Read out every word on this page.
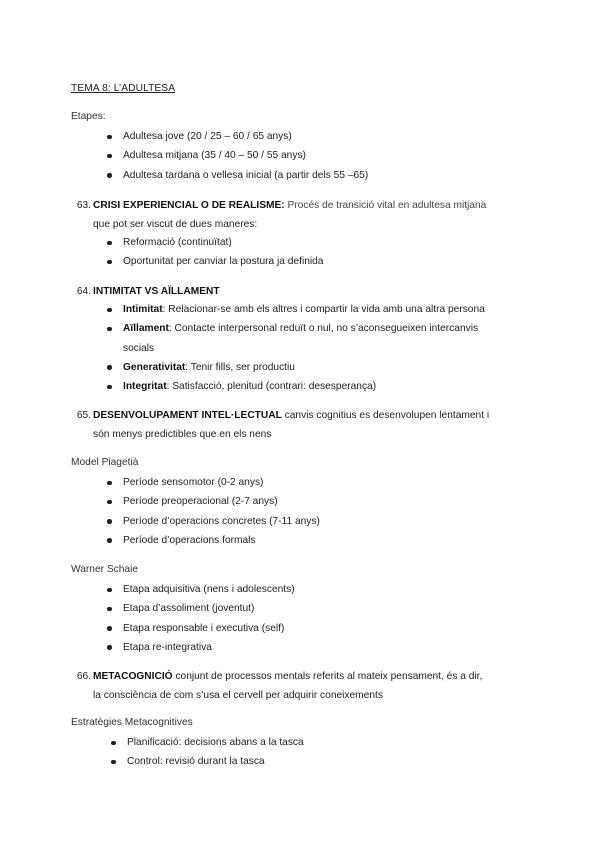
TEMA 8: L’ADULTESA
Etapes:
Adultesa jove (20 / 25 – 60 / 65 anys)
Adultesa mitjana (35 / 40 – 50 / 55 anys)
Adultesa tardana o vellesa inicial (a partir dels 55 –65)
63. CRISI EXPERIENCIAL O DE REALISME: Procés de transició vital en adultesa mitjana
que pot ser viscut de dues maneres:
Reformació (continuïtat)
Oportunitat per canviar la postura ja definida
64. INTIMITAT VS AÏLLAMENT
Intimitat: Relacionar-se amb els altres i compartir la vida amb una altra persona
Aïllament: Contacte interpersonal reduït o nul, no s’aconsegueixen intercanvis
socials
Generativitat: Tenir fills, ser productiu
Integritat: Satisfacció, plenitud (contrari: desesperança)
65. DESENVOLUPAMENT INTEL·LECTUAL canvis cognitius es desenvolupen lentament i
són menys predictibles que en els nens
Model Piagetià
Període sensomotor (0-2 anys)
Període preoperacional (2-7 anys)
Període d’operacions concretes (7-11 anys)
Període d’operacions formals
Warner Schaie
Etapa adquisitiva (nens i adolescents)
Etapa d’assoliment (joventut)
Etapa responsable i executiva (self)
Etapa re-integrativa
66. METACOGNICIÓ conjunt de processos mentals referits al mateix pensament, és a dir,
la consciència de com s’usa el cervell per adquirir coneixements
Estratègies Metacognitives
Planificació: decisions abans a la tasca
Control: revisió durant la tasca
